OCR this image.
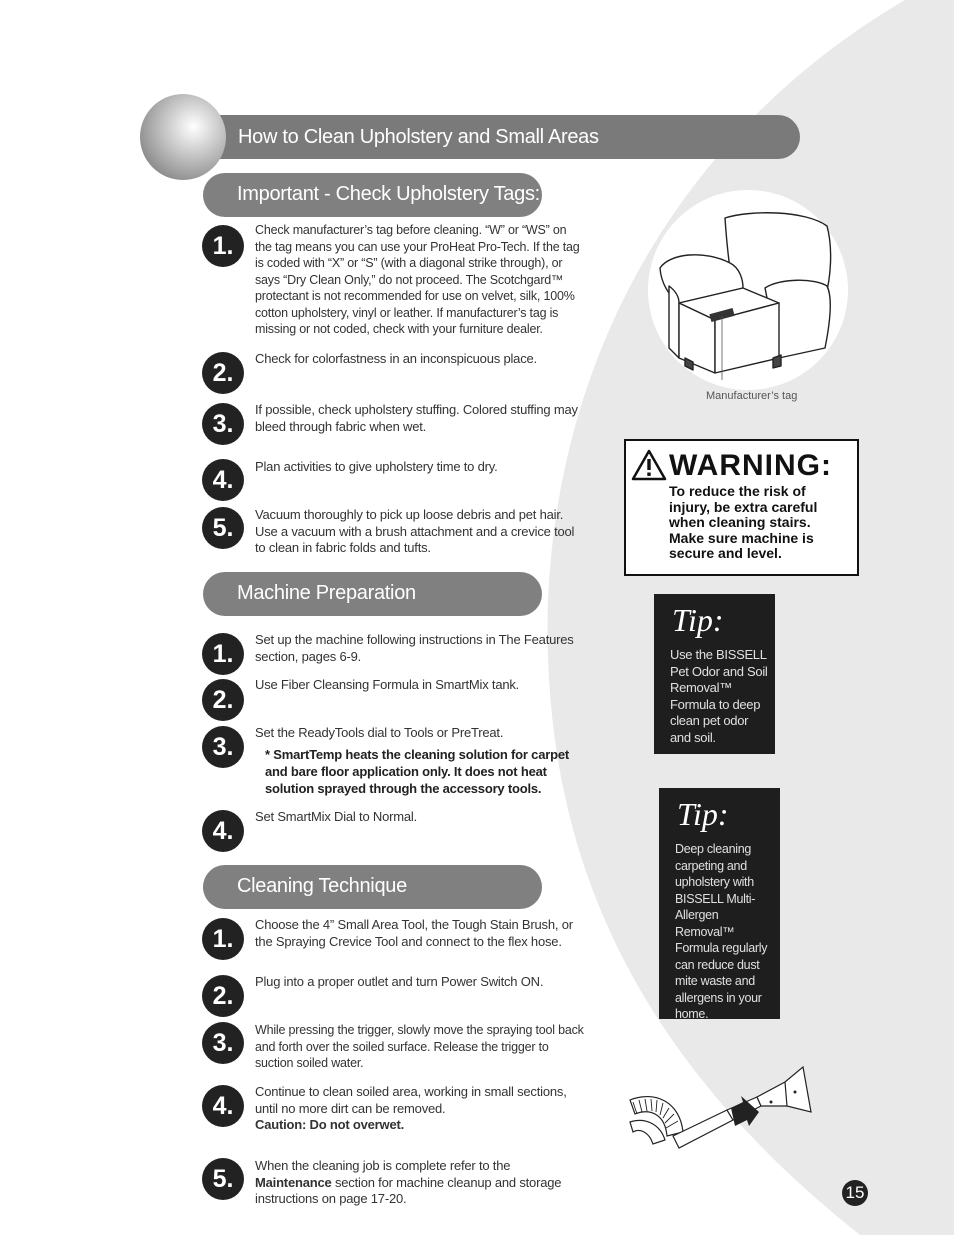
How to Clean Upholstery and Small Areas
Important - Check Upholstery Tags:
1.
Check manufacturer’s tag before cleaning. “W” or “WS” on the tag means you can use your ProHeat Pro-Tech. If the tag is coded with “X” or “S” (with a diagonal strike through), or says “Dry Clean Only,” do not proceed. The Scotchgard™ protectant is not recommended for use on velvet, silk, 100% cotton upholstery, vinyl or leather. If manufacturer’s tag is missing or not coded, check with your furniture dealer.
2.
Check for colorfastness in an inconspicuous place.
3.
If possible, check upholstery stuffing. Colored stuffing may bleed through fabric when wet.
4.	Plan activities to give upholstery time to dry.
5.	Vacuum thoroughly to pick up loose debris and pet hair. Use a vacuum with a brush attachment and a crevice tool to clean in fabric folds and tufts.
Machine Preparation
1.
Set up the machine following instructions in The Features section, pages 6-9.
2.
Use Fiber Cleansing Formula in SmartMix tank.
3.
Set the ReadyTools dial to Tools or PreTreat.
* SmartTemp heats the cleaning solution for carpet and bare floor application only. It does not heat solution sprayed through the accessory tools.
4.
Set SmartMix Dial to Normal.
Cleaning Technique
1.
Choose the 4” Small Area Tool, the Tough Stain Brush, or the Spraying Crevice Tool and connect to the flex hose.
2.
Plug into a proper outlet and turn Power Switch ON.
3.	While pressing the trigger, slowly move the spraying tool back and forth over the soiled surface. Release the trigger to suction soiled water.
4.
Continue to clean soiled area, working in small sections, until no more dirt can be removed.
Caution: Do not overwet.
5.	When the cleaning job is complete refer to the Maintenance section for machine cleanup and storage instructions on page 17-20.
Manufacturer’s tag
WARNING:
To reduce the risk of injury, be extra careful when cleaning stairs. Make sure machine is secure and level.
Tip:
Use the BISSELL Pet Odor and Soil Removal™ Formula to deep clean pet odor and soil.
Tip:
Deep cleaning carpeting and upholstery with BISSELL Multi-Allergen Removal™ Formula regularly can reduce dust mite waste and allergens in your home.
15
